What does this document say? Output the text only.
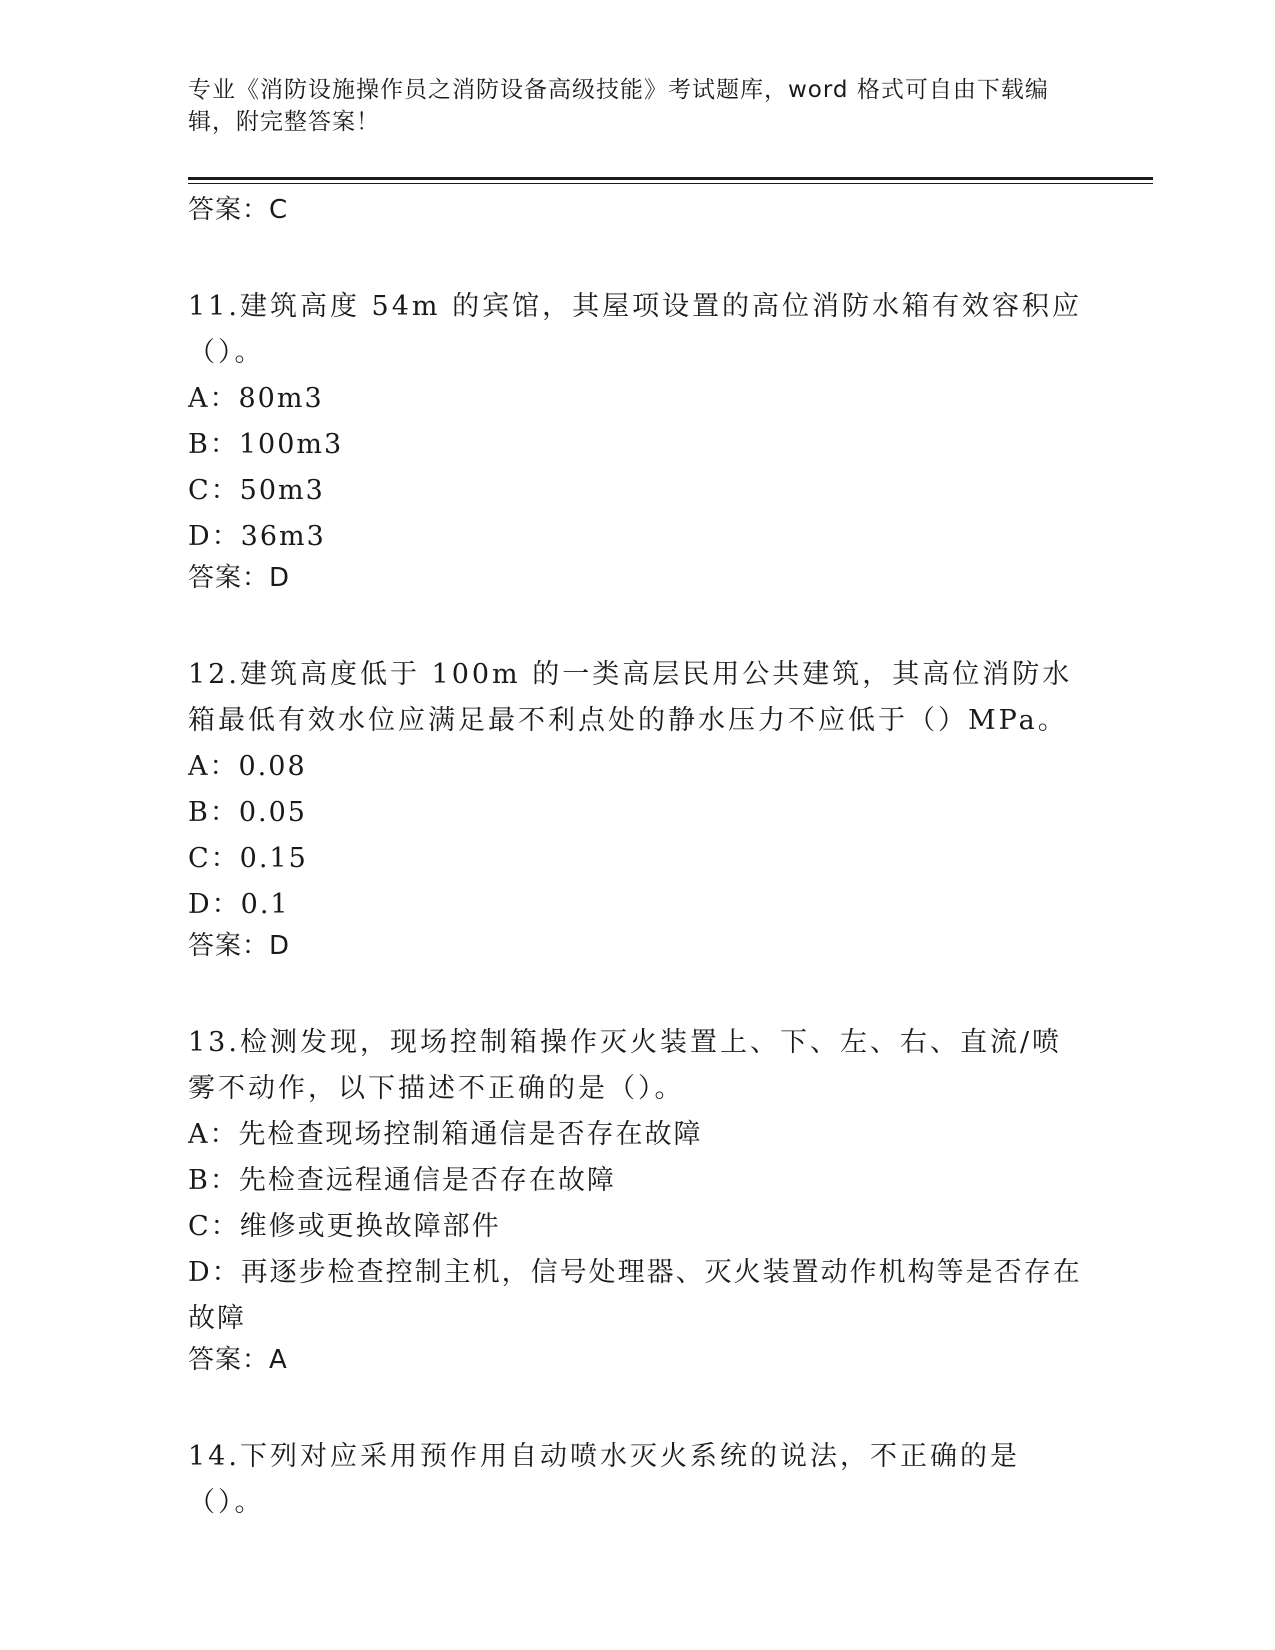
专业《消防设施操作员之消防设备高级技能》考试题库，word 格式可自由下载编辑，附完整答案！

答案：C

11.建筑高度 54m 的宾馆，其屋项设置的高位消防水箱有效容积应（）。

A：80m3

B：100m3

C：50m3

D：36m3

答案：D

12.建筑高度低于 100m 的一类高层民用公共建筑，其高位消防水箱最低有效水位应满足最不利点处的静水压力不应低于（）MPa。

A：0.08

B：0.05

C：0.15

D：0.1

答案：D

13.检测发现，现场控制箱操作灭火装置上、下、左、右、直流/喷雾不动作，以下描述不正确的是（）。

A：先检查现场控制箱通信是否存在故障

B：先检查远程通信是否存在故障

C：维修或更换故障部件

D：再逐步检查控制主机，信号处理器、灭火装置动作机构等是否存在故障

答案：A

14.下列对应采用预作用自动喷水灭火系统的说法，不正确的是（）。
